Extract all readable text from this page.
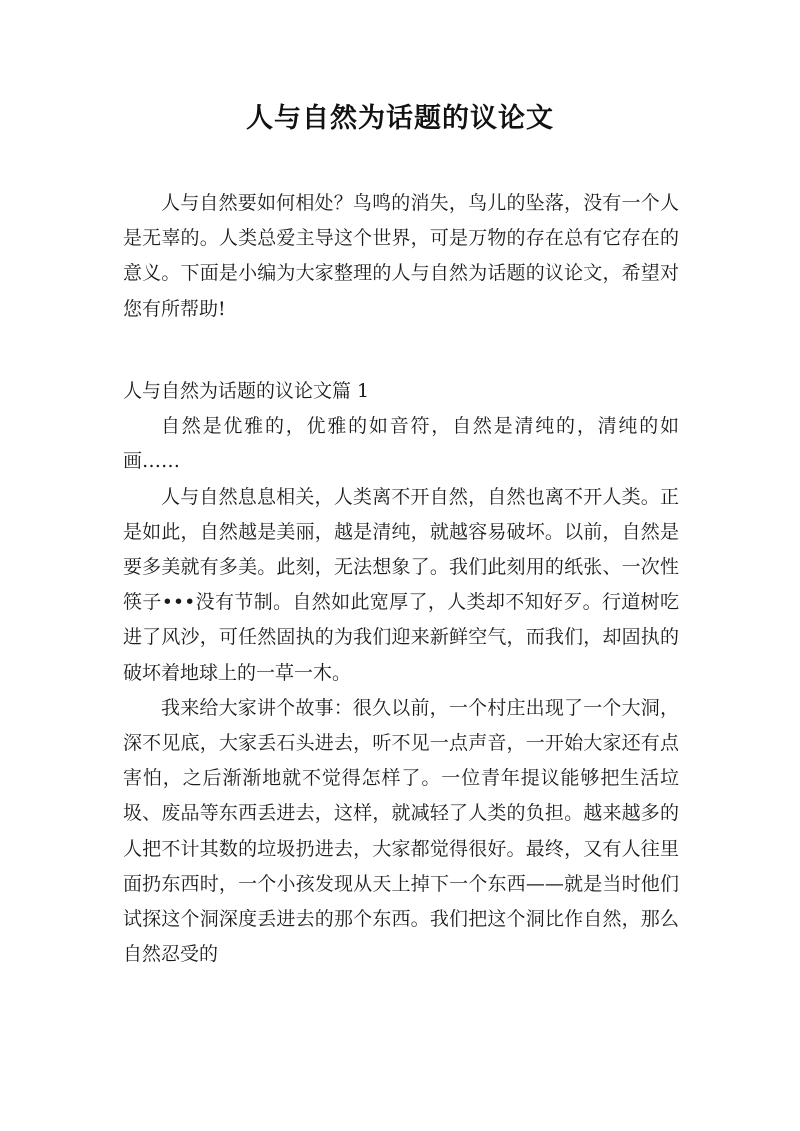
人与自然为话题的议论文

人与自然要如何相处？鸟鸣的消失，鸟儿的坠落，没有一个人是无辜的。人类总爱主导这个世界，可是万物的存在总有它存在的意义。下面是小编为大家整理的人与自然为话题的议论文，希望对您有所帮助!

人与自然为话题的议论文篇 1

自然是优雅的，优雅的如音符，自然是清纯的，清纯的如画……

人与自然息息相关，人类离不开自然，自然也离不开人类。正是如此，自然越是美丽，越是清纯，就越容易破坏。以前，自然是要多美就有多美。此刻，无法想象了。我们此刻用的纸张、一次性筷子•••没有节制。自然如此宽厚了，人类却不知好歹。行道树吃进了风沙，可任然固执的为我们迎来新鲜空气，而我们，却固执的破坏着地球上的一草一木。

我来给大家讲个故事：很久以前，一个村庄出现了一个大洞，深不见底，大家丢石头进去，听不见一点声音，一开始大家还有点害怕，之后渐渐地就不觉得怎样了。一位青年提议能够把生活垃圾、废品等东西丢进去，这样，就减轻了人类的负担。越来越多的人把不计其数的垃圾扔进去，大家都觉得很好。最终，又有人往里面扔东西时，一个小孩发现从天上掉下一个东西——就是当时他们试探这个洞深度丢进去的那个东西。我们把这个洞比作自然，那么自然忍受的
